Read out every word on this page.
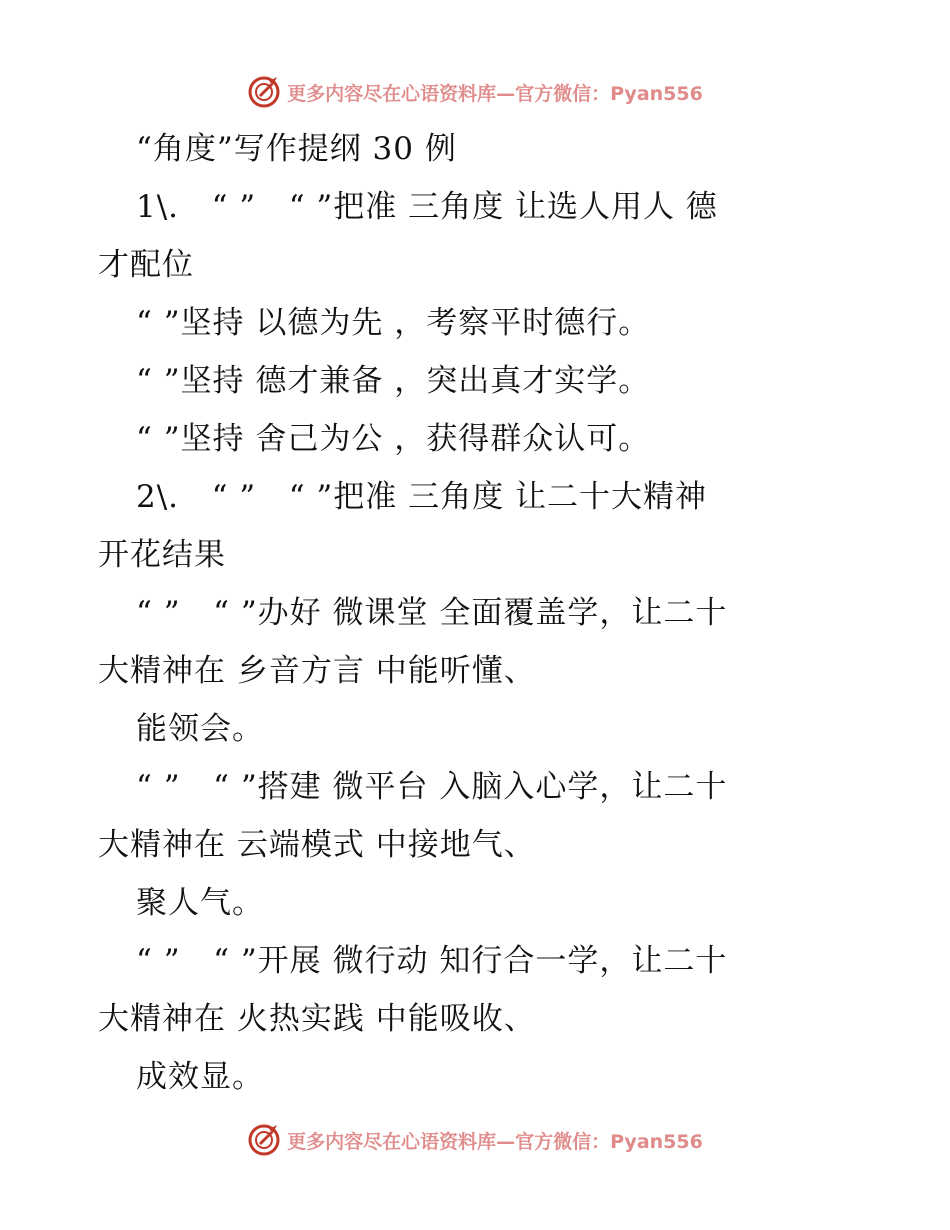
更多内容尽在心语资料库—官方微信：Pyan556
“角度”写作提纲 30 例
1\.   “ ”   “ ”把准 三角度 让选人用人 德
才配位
“ ”坚持 以德为先 ，考察平时德行。
“ ”坚持 德才兼备 ，突出真才实学。
“ ”坚持 舍己为公 ，获得群众认可。
2\.   “ ”   “ ”把准 三角度 让二十大精神
开花结果
“ ”   “ ”办好 微课堂 全面覆盖学，让二十
大精神在 乡音方言 中能听懂、
能领会。
“ ”   “ ”搭建 微平台 入脑入心学，让二十
大精神在 云端模式 中接地气、
聚人气。
“ ”   “ ”开展 微行动 知行合一学，让二十
大精神在 火热实践 中能吸收、
成效显。
更多内容尽在心语资料库—官方微信：Pyan556
